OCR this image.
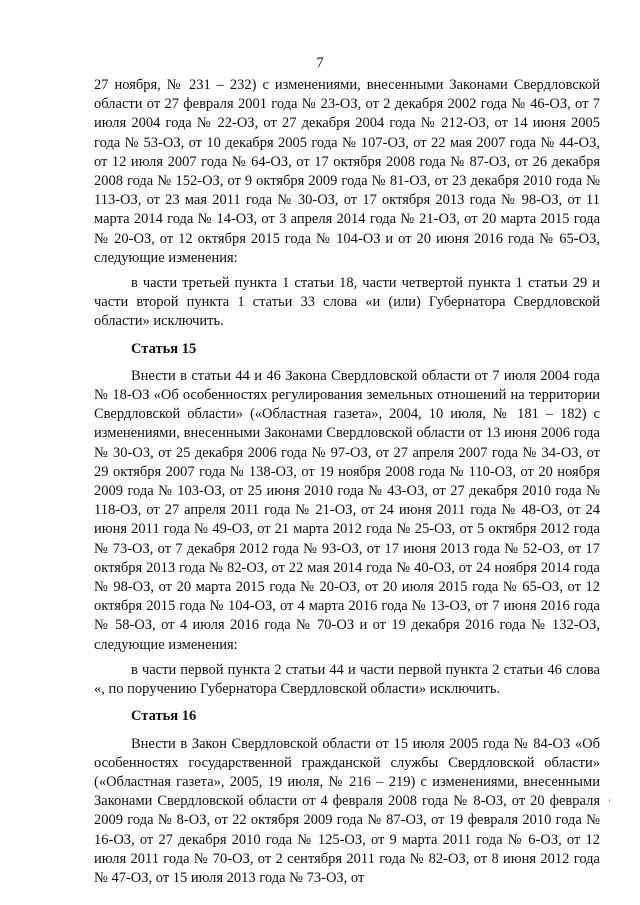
7

27 ноября, № 231 – 232) с изменениями, внесенными Законами Свердловской области от 27 февраля 2001 года № 23-ОЗ, от 2 декабря 2002 года № 46-ОЗ, от 7 июля 2004 года № 22-ОЗ, от 27 декабря 2004 года № 212-ОЗ, от 14 июня 2005 года № 53-ОЗ, от 10 декабря 2005 года № 107-ОЗ, от 22 мая 2007 года № 44-ОЗ, от 12 июля 2007 года № 64-ОЗ, от 17 октября 2008 года № 87-ОЗ, от 26 декабря 2008 года № 152-ОЗ, от 9 октября 2009 года № 81-ОЗ, от 23 декабря 2010 года № 113-ОЗ, от 23 мая 2011 года № 30-ОЗ, от 17 октября 2013 года № 98-ОЗ, от 11 марта 2014 года № 14-ОЗ, от 3 апреля 2014 года № 21-ОЗ, от 20 марта 2015 года № 20-ОЗ, от 12 октября 2015 года № 104-ОЗ и от 20 июня 2016 года № 65-ОЗ, следующие изменения:

в части третьей пункта 1 статьи 18, части четвертой пункта 1 статьи 29 и части второй пункта 1 статьи 33 слова «и (или) Губернатора Свердловской области» исключить.

Статья 15

Внести в статьи 44 и 46 Закона Свердловской области от 7 июля 2004 года № 18-ОЗ «Об особенностях регулирования земельных отношений на территории Свердловской области» («Областная газета», 2004, 10 июля, № 181 – 182) с изменениями, внесенными Законами Свердловской области от 13 июня 2006 года № 30-ОЗ, от 25 декабря 2006 года № 97-ОЗ, от 27 апреля 2007 года № 34-ОЗ, от 29 октября 2007 года № 138-ОЗ, от 19 ноября 2008 года № 110-ОЗ, от 20 ноября 2009 года № 103-ОЗ, от 25 июня 2010 года № 43-ОЗ, от 27 декабря 2010 года № 118-ОЗ, от 27 апреля 2011 года № 21-ОЗ, от 24 июня 2011 года № 48-ОЗ, от 24 июня 2011 года № 49-ОЗ, от 21 марта 2012 года № 25-ОЗ, от 5 октября 2012 года № 73-ОЗ, от 7 декабря 2012 года № 93-ОЗ, от 17 июня 2013 года № 52-ОЗ, от 17 октября 2013 года № 82-ОЗ, от 22 мая 2014 года № 40-ОЗ, от 24 ноября 2014 года № 98-ОЗ, от 20 марта 2015 года № 20-ОЗ, от 20 июля 2015 года № 65-ОЗ, от 12 октября 2015 года № 104-ОЗ, от 4 марта 2016 года № 13-ОЗ, от 7 июня 2016 года № 58-ОЗ, от 4 июля 2016 года № 70-ОЗ и от 19 декабря 2016 года № 132-ОЗ, следующие изменения:

в части первой пункта 2 статьи 44 и части первой пункта 2 статьи 46 слова «, по поручению Губернатора Свердловской области» исключить.

Статья 16

Внести в Закон Свердловской области от 15 июля 2005 года № 84-ОЗ «Об особенностях государственной гражданской службы Свердловской области» («Областная газета», 2005, 19 июля, № 216 – 219) с изменениями, внесенными Законами Свердловской области от 4 февраля 2008 года № 8-ОЗ, от 20 февраля 2009 года № 8-ОЗ, от 22 октября 2009 года № 87-ОЗ, от 19 февраля 2010 года № 16-ОЗ, от 27 декабря 2010 года № 125-ОЗ, от 9 марта 2011 года № 6-ОЗ, от 12 июля 2011 года № 70-ОЗ, от 2 сентября 2011 года № 82-ОЗ, от 8 июня 2012 года № 47-ОЗ, от 15 июля 2013 года № 73-ОЗ, от

’
